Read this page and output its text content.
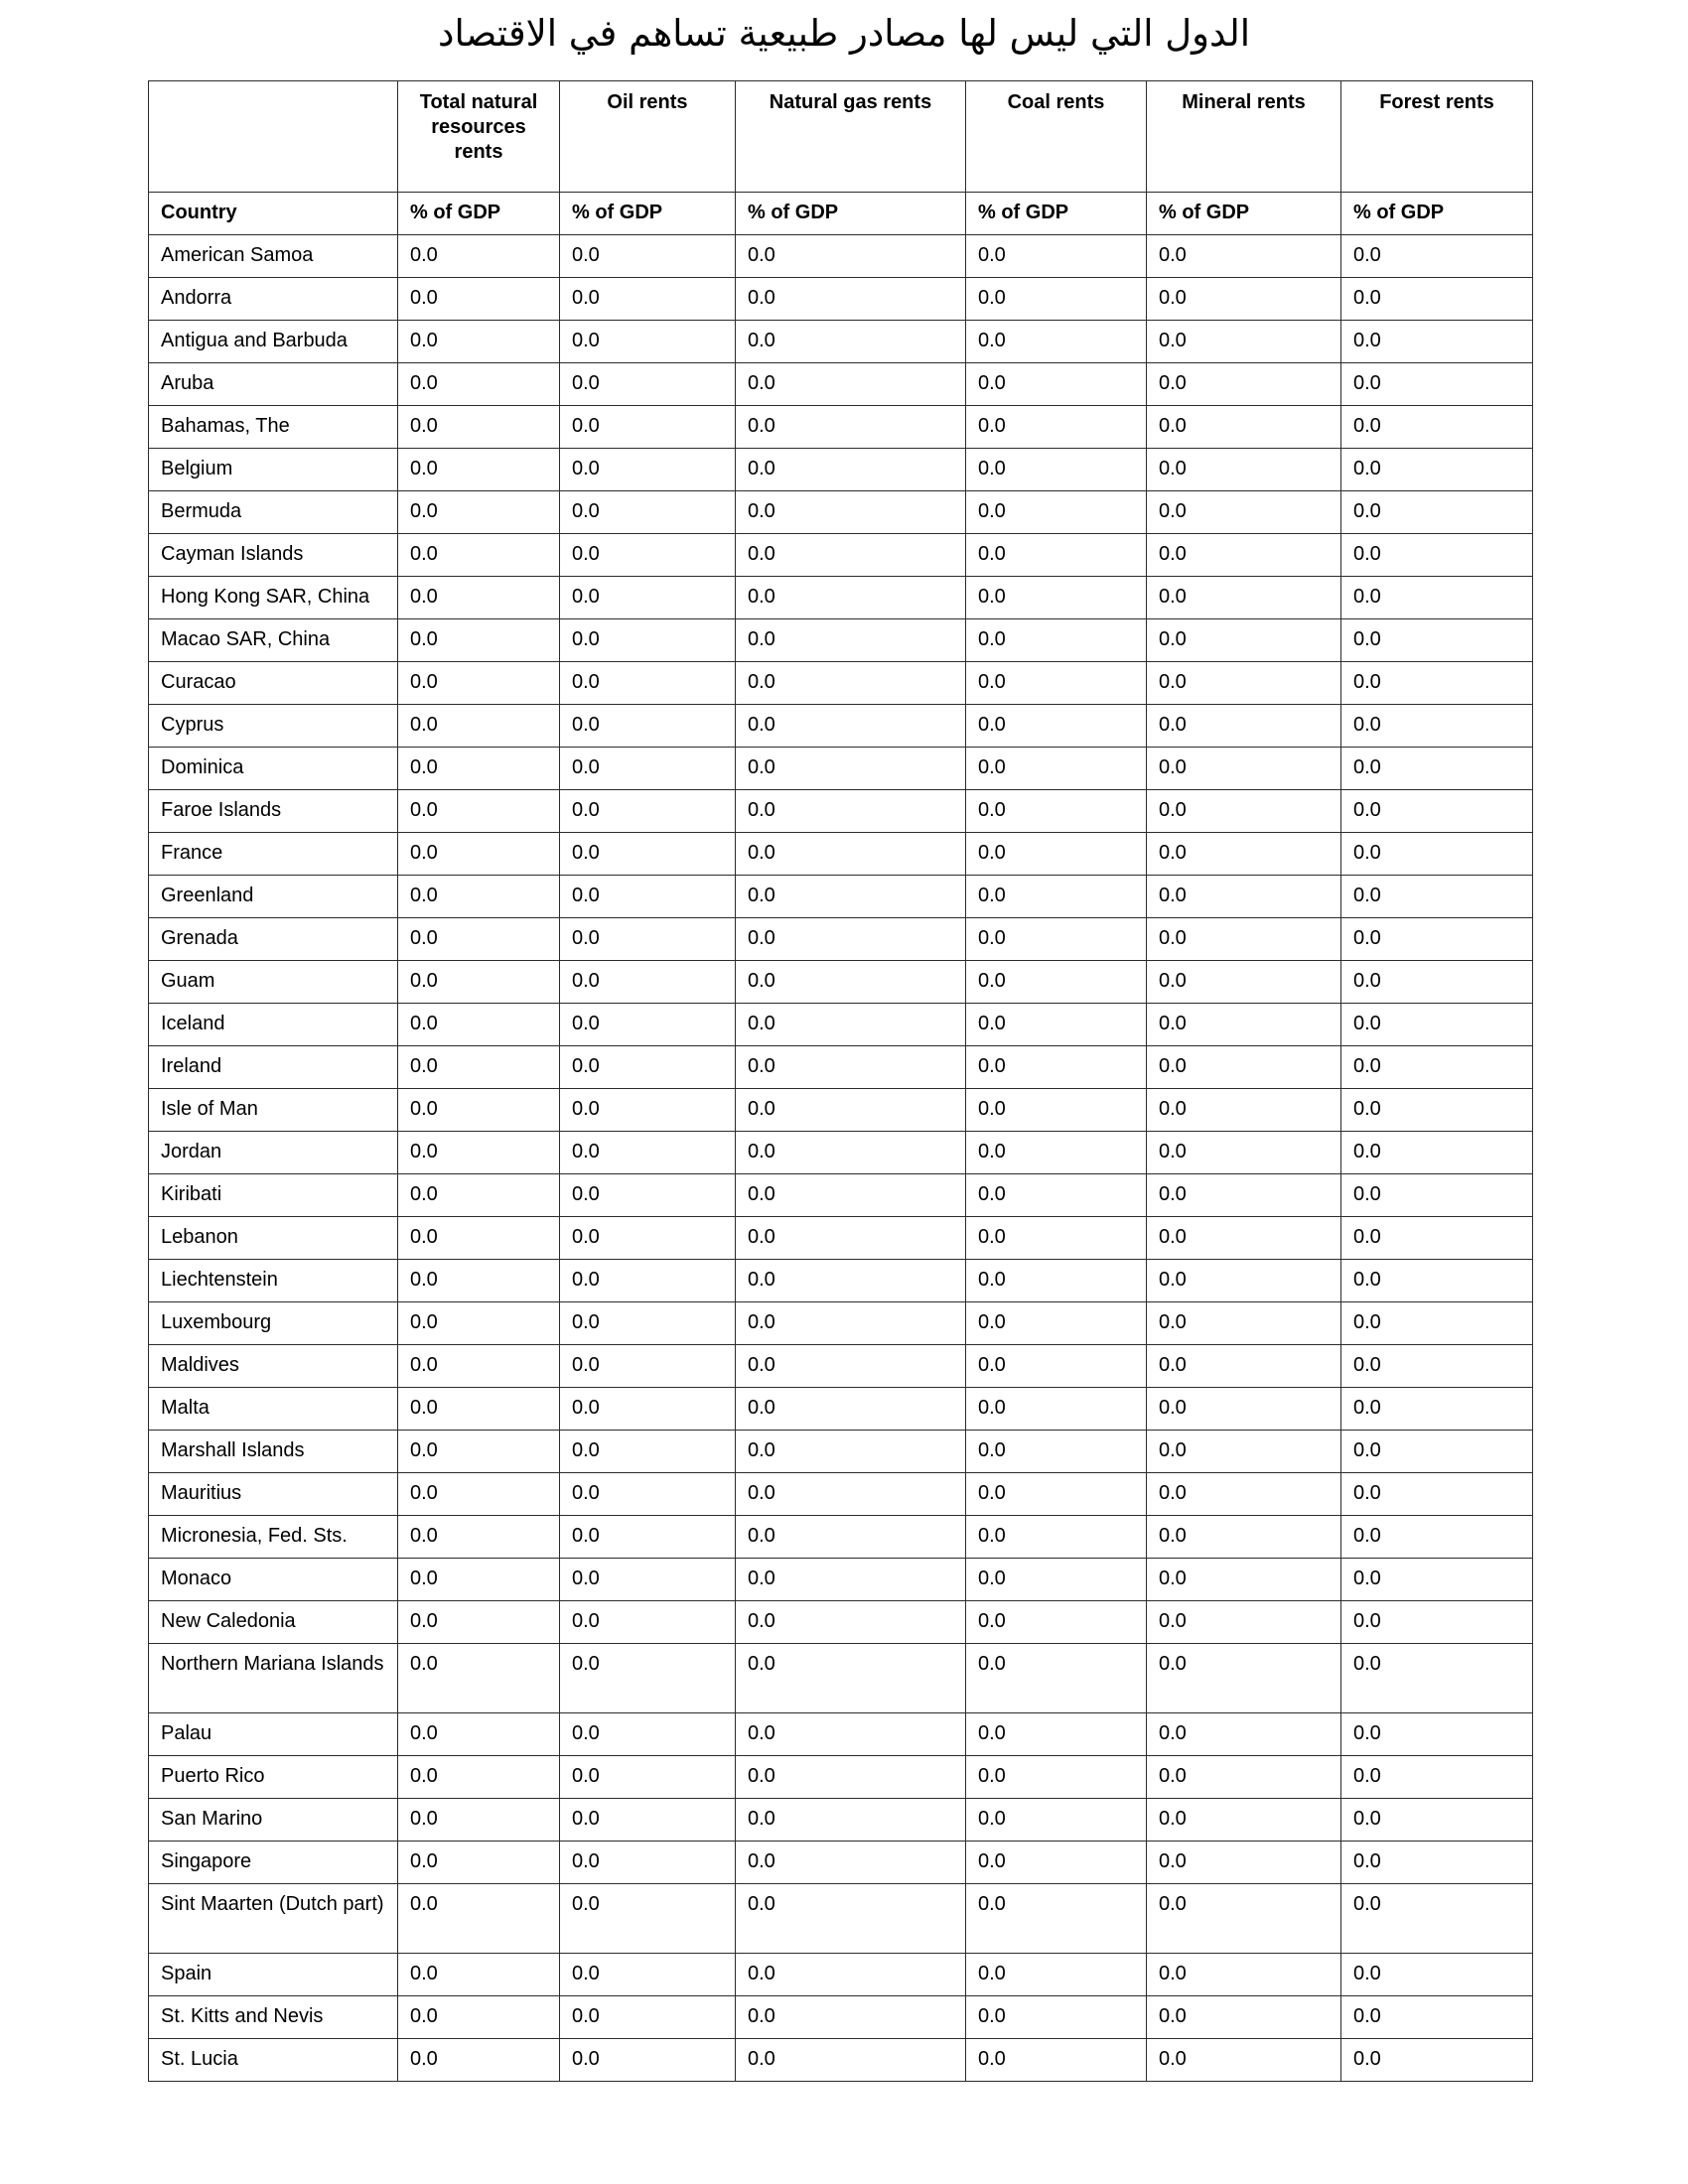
الدول التي ليس لها مصادر طبيعية تساهم في الاقتصاد
	Total natural resources rents	Oil rents	Natural gas rents	Coal rents	Mineral rents	Forest rents
Country	% of GDP	% of GDP	% of GDP	% of GDP	% of GDP	% of GDP
American Samoa	0.0	0.0	0.0	0.0	0.0	0.0
Andorra	0.0	0.0	0.0	0.0	0.0	0.0
Antigua and Barbuda	0.0	0.0	0.0	0.0	0.0	0.0
Aruba	0.0	0.0	0.0	0.0	0.0	0.0
Bahamas, The	0.0	0.0	0.0	0.0	0.0	0.0
Belgium	0.0	0.0	0.0	0.0	0.0	0.0
Bermuda	0.0	0.0	0.0	0.0	0.0	0.0
Cayman Islands	0.0	0.0	0.0	0.0	0.0	0.0
Hong Kong SAR, China	0.0	0.0	0.0	0.0	0.0	0.0
Macao SAR, China	0.0	0.0	0.0	0.0	0.0	0.0
Curacao	0.0	0.0	0.0	0.0	0.0	0.0
Cyprus	0.0	0.0	0.0	0.0	0.0	0.0
Dominica	0.0	0.0	0.0	0.0	0.0	0.0
Faroe Islands	0.0	0.0	0.0	0.0	0.0	0.0
France	0.0	0.0	0.0	0.0	0.0	0.0
Greenland	0.0	0.0	0.0	0.0	0.0	0.0
Grenada	0.0	0.0	0.0	0.0	0.0	0.0
Guam	0.0	0.0	0.0	0.0	0.0	0.0
Iceland	0.0	0.0	0.0	0.0	0.0	0.0
Ireland	0.0	0.0	0.0	0.0	0.0	0.0
Isle of Man	0.0	0.0	0.0	0.0	0.0	0.0
Jordan	0.0	0.0	0.0	0.0	0.0	0.0
Kiribati	0.0	0.0	0.0	0.0	0.0	0.0
Lebanon	0.0	0.0	0.0	0.0	0.0	0.0
Liechtenstein	0.0	0.0	0.0	0.0	0.0	0.0
Luxembourg	0.0	0.0	0.0	0.0	0.0	0.0
Maldives	0.0	0.0	0.0	0.0	0.0	0.0
Malta	0.0	0.0	0.0	0.0	0.0	0.0
Marshall Islands	0.0	0.0	0.0	0.0	0.0	0.0
Mauritius	0.0	0.0	0.0	0.0	0.0	0.0
Micronesia, Fed. Sts.	0.0	0.0	0.0	0.0	0.0	0.0
Monaco	0.0	0.0	0.0	0.0	0.0	0.0
New Caledonia	0.0	0.0	0.0	0.0	0.0	0.0
Northern Mariana Islands	0.0	0.0	0.0	0.0	0.0	0.0
Palau	0.0	0.0	0.0	0.0	0.0	0.0
Puerto Rico	0.0	0.0	0.0	0.0	0.0	0.0
San Marino	0.0	0.0	0.0	0.0	0.0	0.0
Singapore	0.0	0.0	0.0	0.0	0.0	0.0
Sint Maarten (Dutch part)	0.0	0.0	0.0	0.0	0.0	0.0
Spain	0.0	0.0	0.0	0.0	0.0	0.0
St. Kitts and Nevis	0.0	0.0	0.0	0.0	0.0	0.0
St. Lucia	0.0	0.0	0.0	0.0	0.0	0.0
